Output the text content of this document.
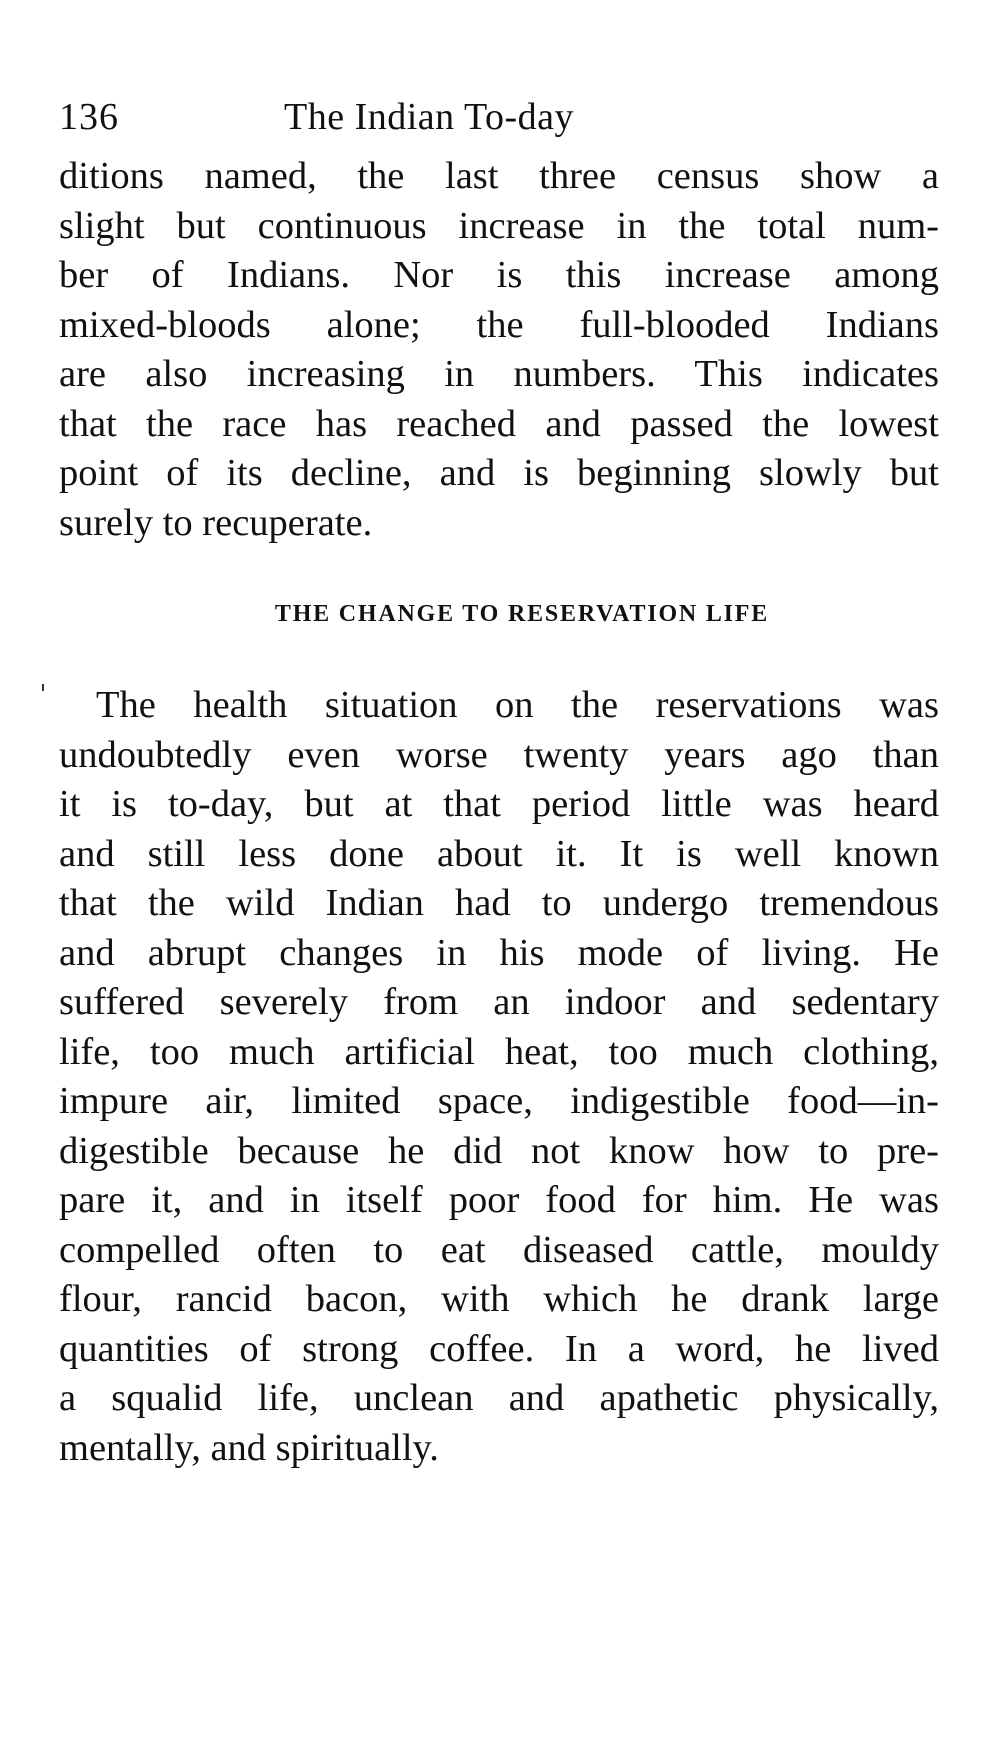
136	The Indian To-day
ditions named, the last three census show a
slight but continuous increase in the total num-
ber of Indians. Nor is this increase among
mixed-bloods alone; the full-blooded Indians
are also increasing in numbers. This indicates
that the race has reached and passed the lowest
point of its decline, and is beginning slowly but
surely to recuperate.
THE CHANGE TO RESERVATION LIFE
The health situation on the reservations was
undoubtedly even worse twenty years ago than
it is to-day, but at that period little was heard
and still less done about it. It is well known
that the wild Indian had to undergo tremendous
and abrupt changes in his mode of living. He
suffered severely from an indoor and sedentary
life, too much artificial heat, too much clothing,
impure air, limited space, indigestible food—in-
digestible because he did not know how to pre-
pare it, and in itself poor food for him. He was
compelled often to eat diseased cattle, mouldy
flour, rancid bacon, with which he drank large
quantities of strong coffee. In a word, he lived
a squalid life, unclean and apathetic physically,
mentally, and spiritually.
